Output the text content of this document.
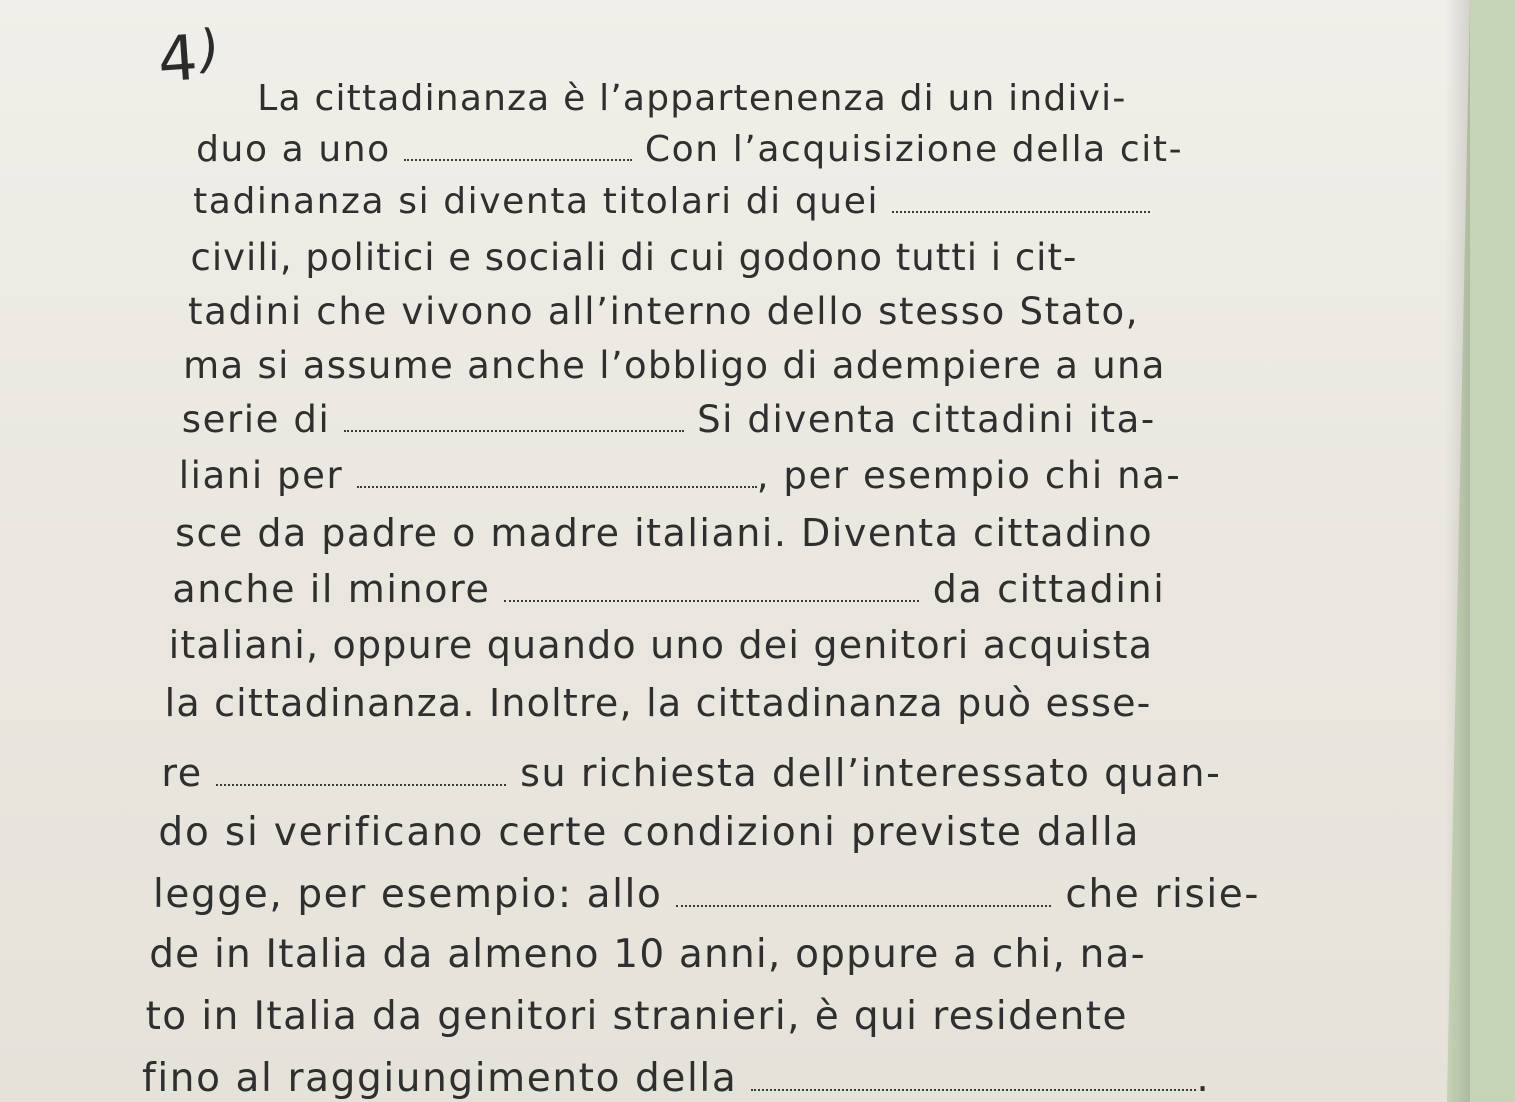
4
)

La cittadinanza è l’appartenenza di un indivi-

duo a uno	Con l’acquisizione della cit-

tadinanza si diventa titolari di quei

civili, politici e sociali di cui godono tutti i cit-

tadini che vivono all’interno dello stesso Stato,

ma si assume anche l’obbligo di adempiere a una

serie di	Si diventa cittadini ita-

liani per	, per esempio chi na-

sce da padre o madre italiani. Diventa cittadino

anche il minore	da cittadini

italiani, oppure quando uno dei genitori acquista

la cittadinanza. Inoltre, la cittadinanza può esse-

re	su richiesta dell’interessato quan-

do si verificano certe condizioni previste dalla

legge, per esempio: allo	che risie-

de in Italia da almeno 10 anni, oppure a chi, na-

to in Italia da genitori stranieri, è qui residente

fino al raggiungimento della	.
